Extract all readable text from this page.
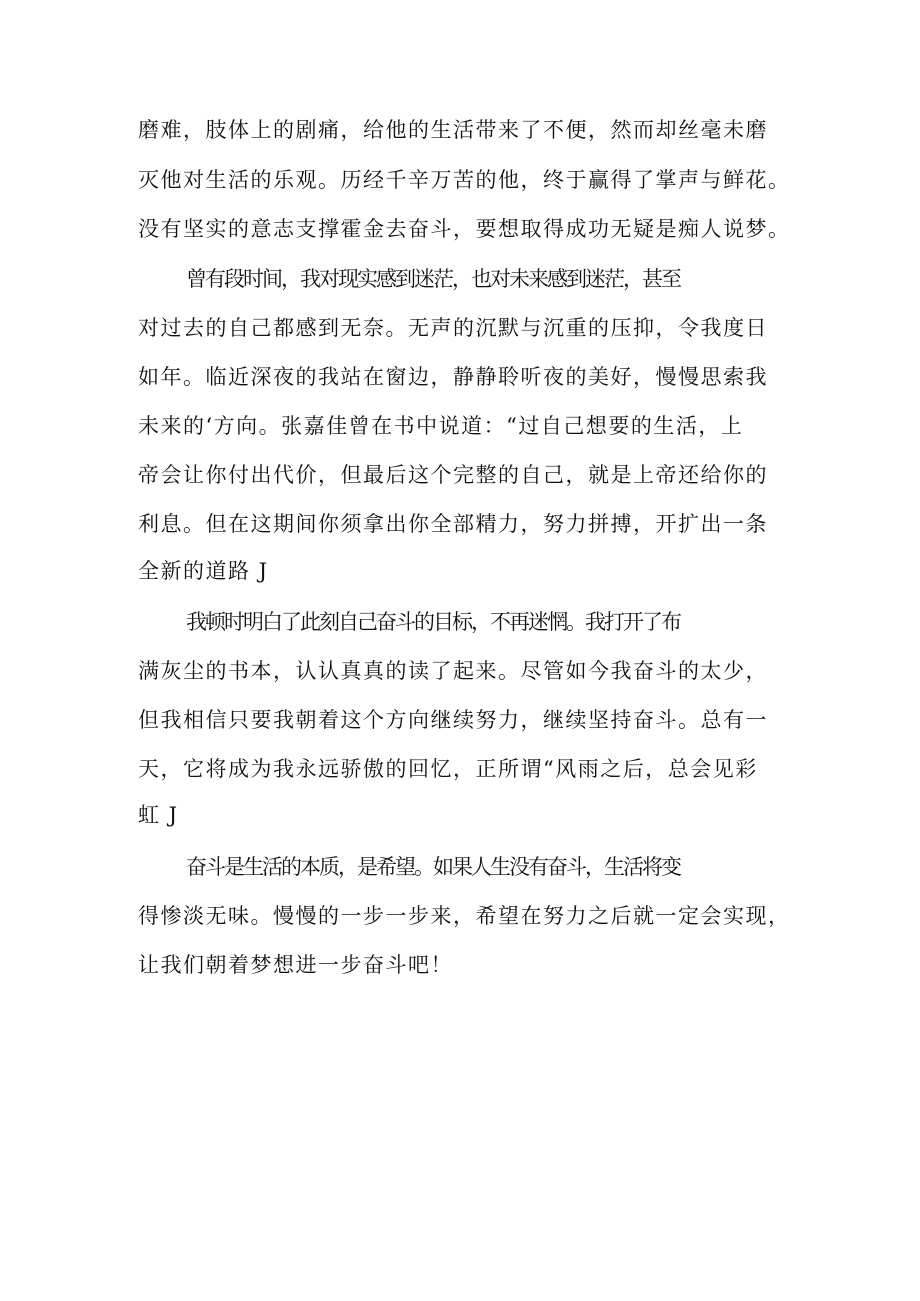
磨难，肢体上的剧痛，给他的生活带来了不便，然而却丝毫未磨
灭他对生活的乐观。历经千辛万苦的他，终于赢得了掌声与鲜花。
没有坚实的意志支撑霍金去奋斗，要想取得成功无疑是痴人说梦。
曾有段时间，我对现实感到迷茫，也对未来感到迷茫，甚至
对过去的自己都感到无奈。无声的沉默与沉重的压抑，令我度日
如年。临近深夜的我站在窗边，静静聆听夜的美好，慢慢思索我
未来的‘方向。张嘉佳曾在书中说道：“过自己想要的生活，上
帝会让你付出代价，但最后这个完整的自己，就是上帝还给你的
利息。但在这期间你须拿出你全部精力，努力拼搏，开扩出一条
全新的道路 J
我顿时明白了此刻自己奋斗的目标，不再迷惘。我打开了布
满灰尘的书本，认认真真的读了起来。尽管如今我奋斗的太少，
但我相信只要我朝着这个方向继续努力，继续坚持奋斗。总有一
天，它将成为我永远骄傲的回忆，正所谓“风雨之后，总会见彩
虹 J
奋斗是生活的本质，是希望。如果人生没有奋斗，生活将变
得惨淡无味。慢慢的一步一步来，希望在努力之后就一定会实现，
让我们朝着梦想进一步奋斗吧！
